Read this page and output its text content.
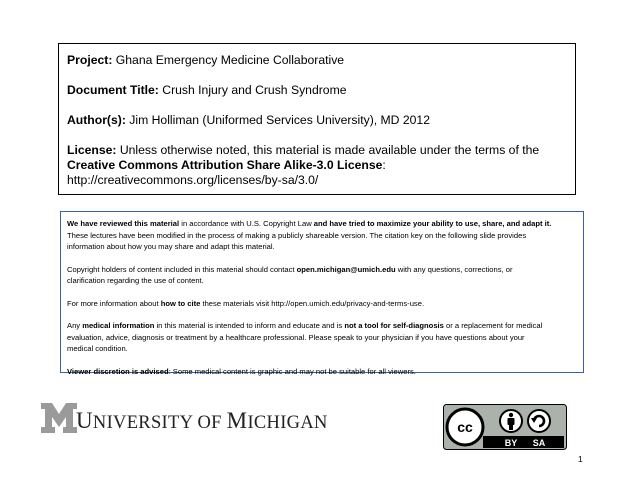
Project: Ghana Emergency Medicine Collaborative

Document Title: Crush Injury and Crush Syndrome

Author(s): Jim Holliman (Uniformed Services University), MD 2012

License: Unless otherwise noted, this material is made available under the terms of the

Creative Commons Attribution Share Alike-3.0 License:

http://creativecommons.org/licenses/by-sa/3.0/

We have reviewed this material in accordance with U.S. Copyright Law and have tried to maximize your ability to use, share, and adapt it.
These lectures have been modified in the process of making a publicly shareable version. The citation key on the following slide provides
information about how you may share and adapt this material.

Copyright holders of content included in this material should contact open.michigan@umich.edu with any questions, corrections, or
clarification regarding the use of content.

For more information about how to cite these materials visit http://open.umich.edu/privacy-and-terms-use.

Any medical information in this material is intended to inform and educate and is not a tool for self-diagnosis or a replacement for medical
evaluation, advice, diagnosis or treatment by a healthcare professional. Please speak to your physician if you have questions about your
medical condition.

Viewer discretion is advised: Some medical content is graphic and may not be suitable for all viewers.

UNIVERSITY OF MICHIGAN	cc
BY SA
1
